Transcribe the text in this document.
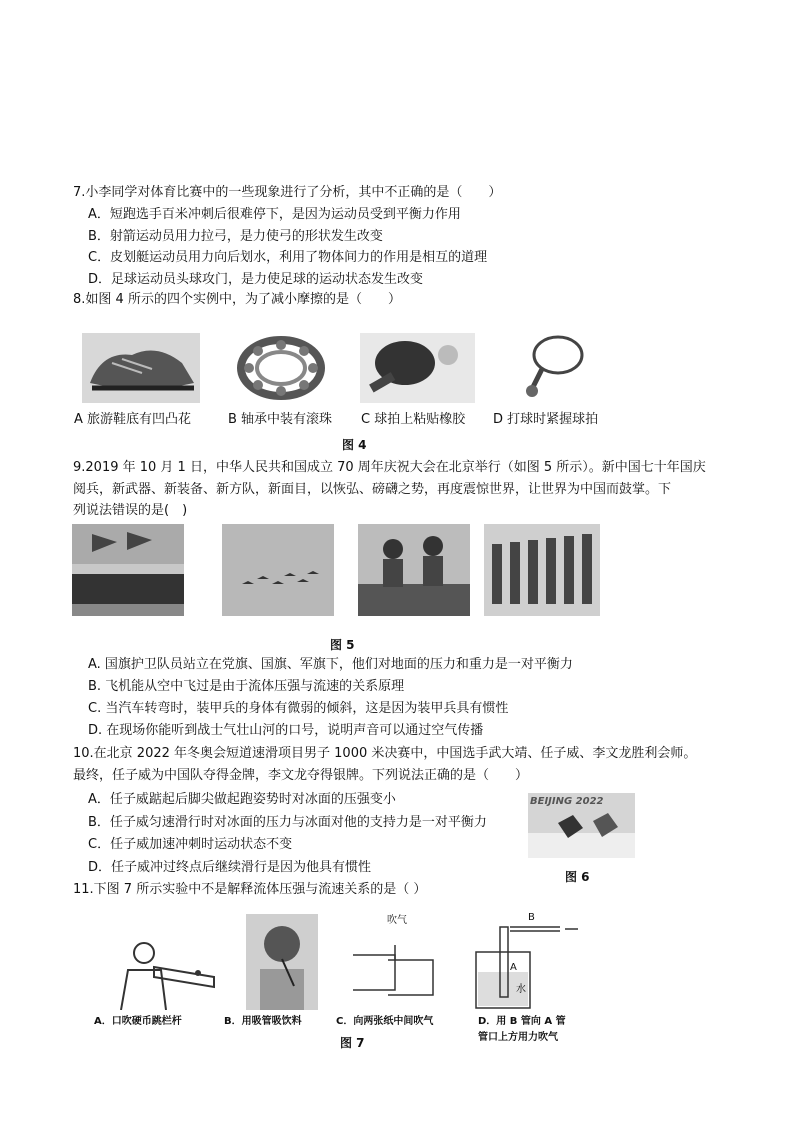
7.小李同学对体育比赛中的一些现象进行了分析，其中不正确的是（　　）
A．短跑选手百米冲刺后很难停下，是因为运动员受到平衡力作用
B．射箭运动员用力拉弓，是力使弓的形状发生改变
C．皮划艇运动员用力向后划水，利用了物体间力的作用是相互的道理
D．足球运动员头球攻门，是力使足球的运动状态发生改变
8.如图 4 所示的四个实例中，为了减小摩擦的是（　　）
A 旅游鞋底有凹凸花	B 轴承中装有滚珠 C 球拍上粘贴橡胶 D 打球时紧握球拍
图 4
9.2019 年 10 月 1 日，中华人民共和国成立 70 周年庆祝大会在北京举行（如图 5 所示）。新中国七十年国庆
阅兵，新武器、新装备、新方队，新面目，以恢弘、磅礴之势，再度震惊世界，让世界为中国而鼓掌。下
列说法错误的是(　)
图 5
A. 国旗护卫队员站立在党旗、国旗、军旗下，他们对地面的压力和重力是一对平衡力
B. 飞机能从空中飞过是由于流体压强与流速的关系原理
C. 当汽车转弯时，装甲兵的身体有微弱的倾斜，这是因为装甲兵具有惯性
D. 在现场你能听到战士气壮山河的口号，说明声音可以通过空气传播
10.在北京 2022 年冬奥会短道速滑项目男子 1000 米决赛中，中国选手武大靖、任子威、李文龙胜利会师。
最终，任子威为中国队夺得金牌，李文龙夺得银牌。下列说法正确的是（　　）
A．任子威踮起后脚尖做起跑姿势时对冰面的压强变小
B．任子威匀速滑行时对冰面的压力与冰面对他的支持力是一对平衡力
C．任子威加速冲刺时运动状态不变
D．任子威冲过终点后继续滑行是因为他具有惯性
BEIJING 2022
图 6
11.下图 7 所示实验中不是解释流体压强与流速关系的是（ ）
吹气	B
A
水
A．口吹硬币跳栏杆	B．用吸管吸饮料	C．向两张纸中间吹气	D．用 B 管向 A 管
管口上方用力吹气
图 7
